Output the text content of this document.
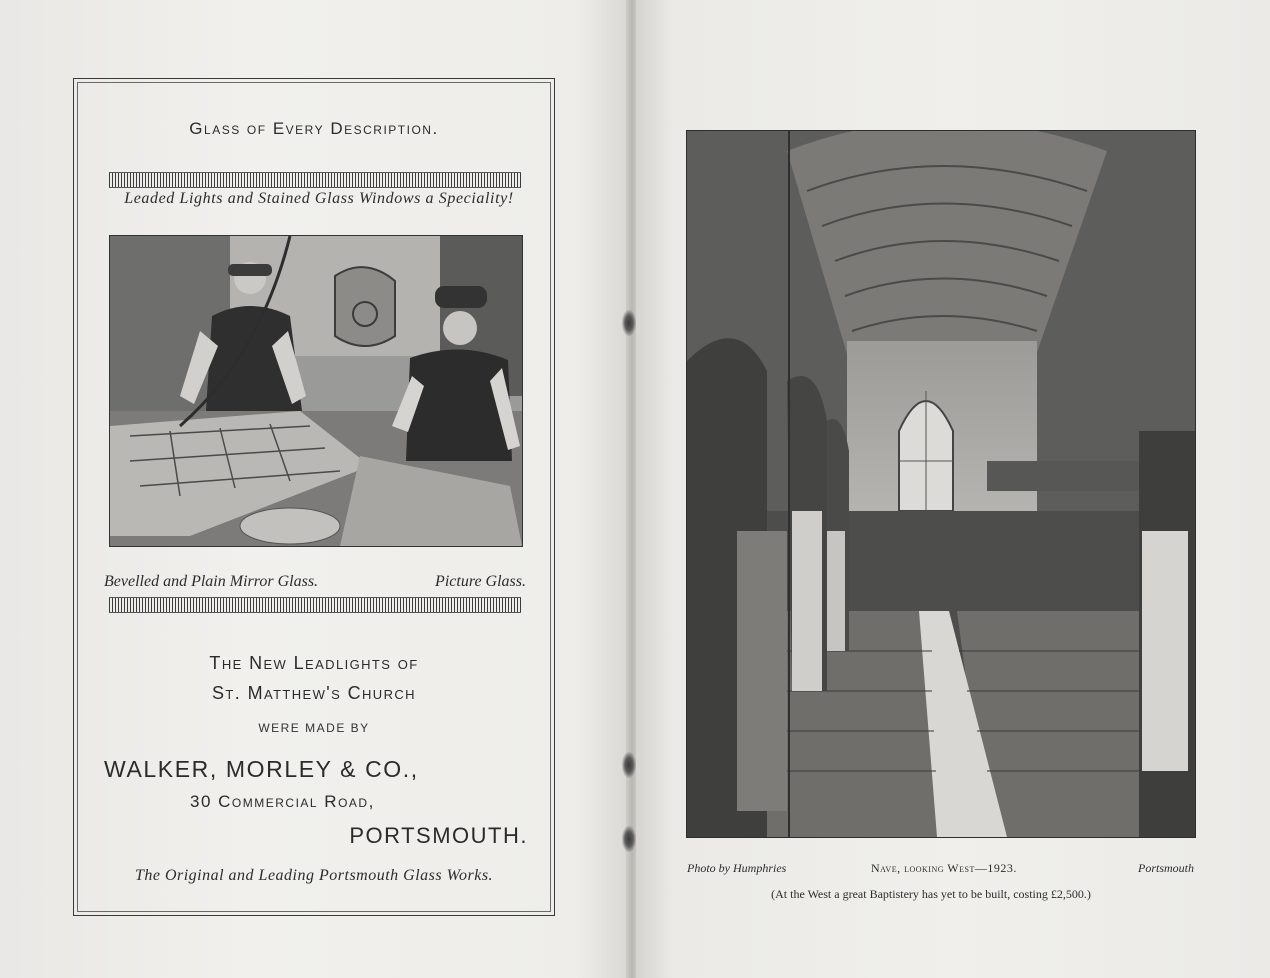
Glass of Every Description.
Leaded Lights and Stained Glass Windows a Speciality!
Bevelled and Plain Mirror Glass.	Picture Glass.
The New Leadlights of
St. Matthew's Church
WERE MADE BY
WALKER, MORLEY & CO.,
30 Commercial Road,
PORTSMOUTH.
The Original and Leading Portsmouth Glass Works.	Photo by Humphries	Nave, looking West—1923.	Portsmouth
(At the West a great Baptistery has yet to be built, costing £2,500.)
